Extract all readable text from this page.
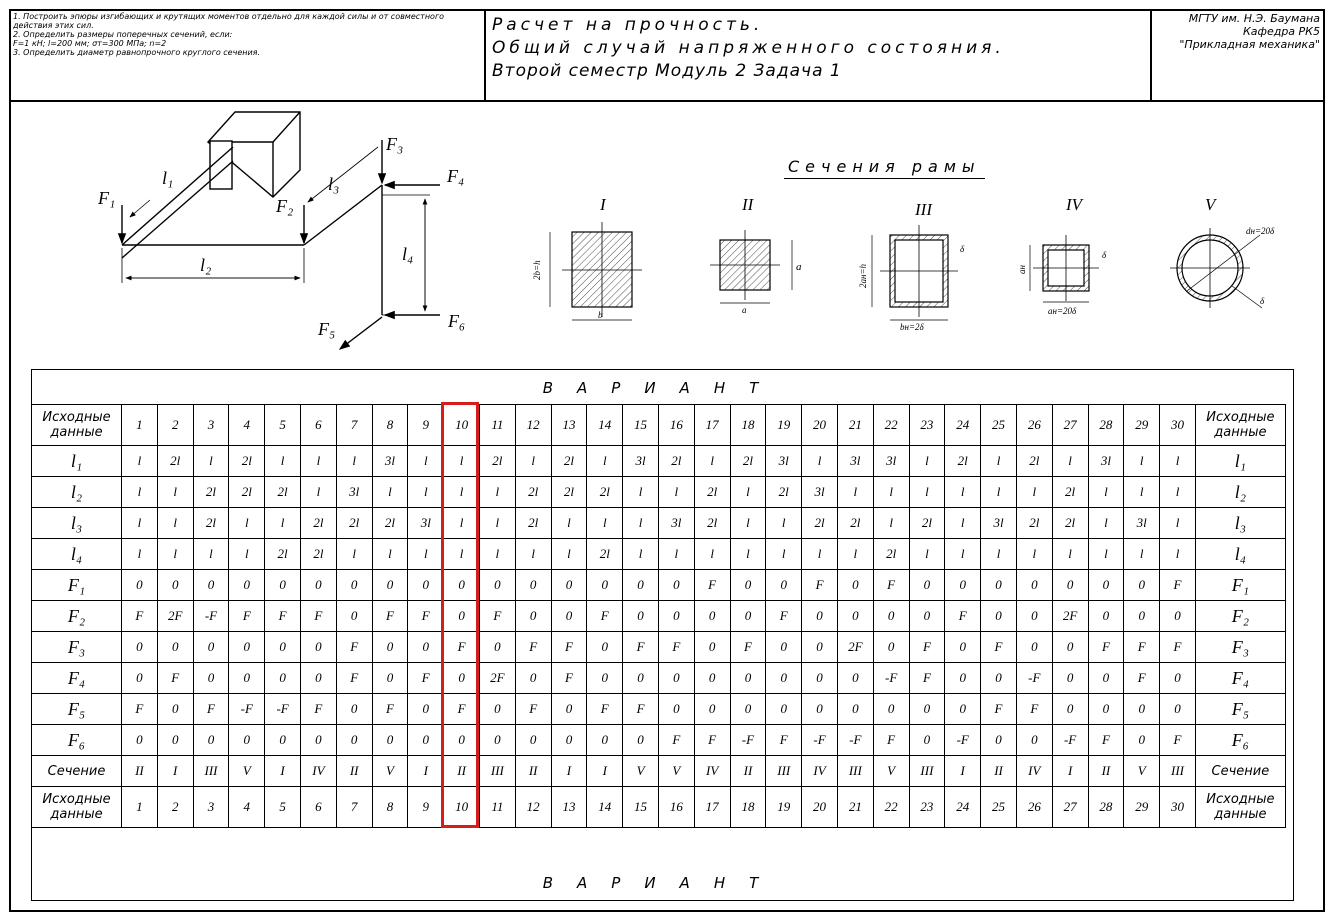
1. Построить эпюры изгибающих и крутящих моментов отдельно для каждой силы и от совместного
действия этих сил.
2. Определить размеры поперечных сечений, если:
F=1 кН; l=200 мм; σт=300 МПа; n=2
3. Определить диаметр равнопрочного круглого сечения.
Расчет на прочность.
Общий случай напряженного состояния.
Второй семестр Модуль 2 Задача 1
МГТУ им. Н.Э. Баумана
Кафедра РК5
"Прикладная механика"
F₁	F₂
F₃
F₄
F₅	F₆
l₁
l₂
l₃
l₄
Сечения рамы
I	II	III	IV	V
2b=h
b
a
a
2aн=h
bн=2δ
δ
aн
aн=20δ
δ
dн=20δ
δ
ВАРИАНТ
Исходные данные	1	2	3	4	5	6	7	8	9	10	11	12	13	14	15	16	17	18	19	20	21	22	23	24	25	26	27	28	29	30	Исходные данные
l₁	l	2l	l	2l	l	l	l	3l	l	l	2l	l	2l	l	3l	2l	l	2l	3l	l	3l	3l	l	2l	l	2l	l	3l	l	l	l₁
l₂	l	l	2l	2l	2l	l	3l	l	l	l	l	2l	2l	2l	l	l	2l	l	2l	3l	l	l	l	l	l	l	2l	l	l	l	l₂
l₃	l	l	2l	l	l	2l	2l	2l	3l	l	l	2l	l	l	l	3l	2l	l	l	2l	2l	l	2l	l	3l	2l	2l	l	3l	l	l₃
l₄	l	l	l	l	2l	2l	l	l	l	l	l	l	l	2l	l	l	l	l	l	l	l	2l	l	l	l	l	l	l	l	l	l₄
F₁	0	0	0	0	0	0	0	0	0	0	0	0	0	0	0	0	F	0	0	F	0	F	0	0	0	0	0	0	0	F	F₁
F₂	F	2F	-F	F	F	F	0	F	F	0	F	0	0	F	0	0	0	0	F	0	0	0	0	F	0	0	2F	0	0	0	F₂
F₃	0	0	0	0	0	0	F	0	0	F	0	F	F	0	F	F	0	F	0	0	2F	0	F	0	F	0	0	F	F	F	F₃
F₄	0	F	0	0	0	0	F	0	F	0	2F	0	F	0	0	0	0	0	0	0	0	-F	F	0	0	-F	0	0	F	0	F₄
F₅	F	0	F	-F	-F	F	0	F	0	F	0	F	0	F	F	0	0	0	0	0	0	0	0	0	F	F	0	0	0	0	F₅
F₆	0	0	0	0	0	0	0	0	0	0	0	0	0	0	0	F	F	-F	F	-F	-F	F	0	-F	0	0	-F	F	0	F	F₆
Сечение	II	I	III	V	I	IV	II	V	I	II	III	II	I	I	V	V	IV	II	III	IV	III	V	III	I	II	IV	I	II	V	III	Сечение
Исходные данные	1	2	3	4	5	6	7	8	9	10	11	12	13	14	15	16	17	18	19	20	21	22	23	24	25	26	27	28	29	30	Исходные данные
ВАРИАНТ
